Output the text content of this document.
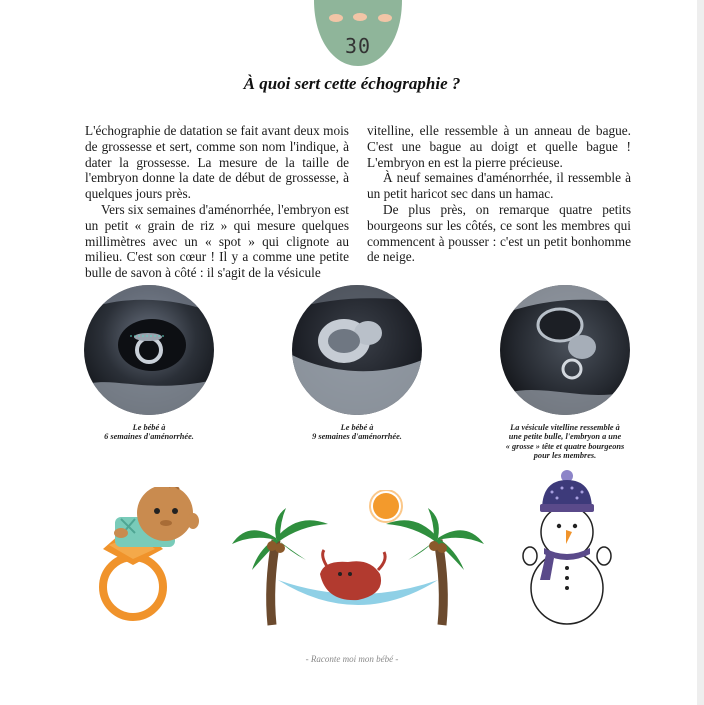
30
À quoi sert cette échographie ?

L'échographie de datation se fait avant deux mois de grossesse et sert, comme son nom l'indique, à dater la grossesse. La mesure de la taille de l'embryon donne la date de début de grossesse, à quelques jours près.

Vers six semaines d'aménorrhée, l'embryon est un petit « grain de riz » qui mesure quelques millimètres avec un « spot » qui clignote au milieu. C'est son cœur ! Il y a comme une petite bulle de savon à côté : il s'agit de la vésicule

vitelline, elle ressemble à un anneau de bague. C'est une bague au doigt et quelle bague ! L'embryon en est la pierre précieuse.

À neuf semaines d'aménorrhée, il ressemble à un petit haricot sec dans un hamac.

De plus près, on remarque quatre petits bourgeons sur les côtés, ce sont les membres qui commencent à pousser : c'est un petit bonhomme de neige.

Le bébé à
6 semaines d'aménorrhée.
Le bébé à
9 semaines d'aménorrhée.
La vésicule vitelline ressemble à
une petite bulle, l'embryon a une
« grosse » tête et quatre bourgeons
pour les membres.
- Raconte moi mon bébé -
